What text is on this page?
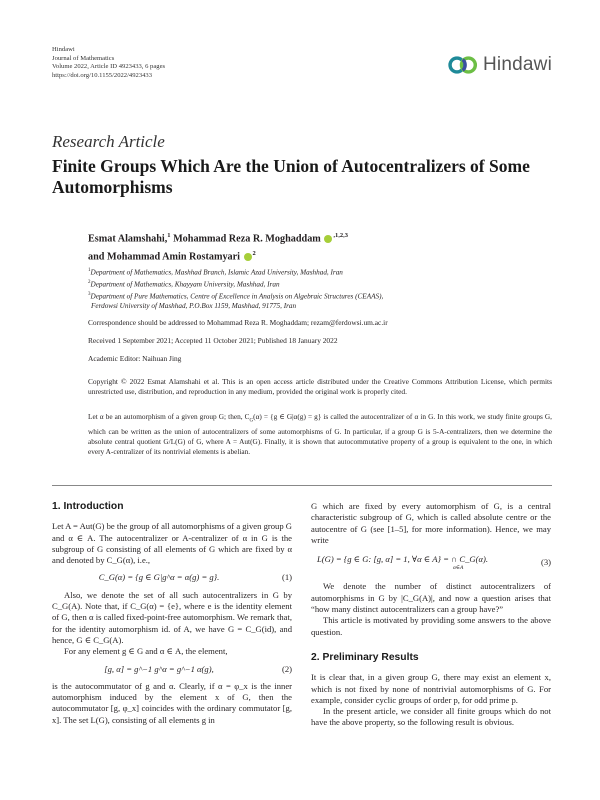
Hindawi
Journal of Mathematics
Volume 2022, Article ID 4923433, 6 pages
https://doi.org/10.1155/2022/4923433
Hindawi
Research Article
Finite Groups Which Are the Union of Autocentralizers of Some Automorphisms
Esmat Alamshahi,$^1$ Mohammad Reza R. Moghaddam $^{,1,2,3}$
and Mohammad Amin Rostamyari $^2$
$^1$Department of Mathematics, Mashhad Branch, Islamic Azad University, Mashhad, Iran
$^2$Department of Mathematics, Khayyam University, Mashhad, Iran
$^3$Department of Pure Mathematics, Centre of Excellence in Analysis on Algebraic Structures (CEAAS),
Ferdowsi University of Mashhad, P.O.Box 1159, Mashhad, 91775, Iran
Correspondence should be addressed to Mohammad Reza R. Moghaddam; rezam@ferdowsi.um.ac.ir
Received 1 September 2021; Accepted 11 October 2021; Published 18 January 2022
Academic Editor: Naihuan Jing
Copyright © 2022 Esmat Alamshahi et al. This is an open access article distributed under the Creative Commons Attribution License, which permits unrestricted use, distribution, and reproduction in any medium, provided the original work is properly cited.
Let α be an automorphism of a given group G; then, $C_G(\alpha) = \{g$ ∈ G|α(g) = g} is called the autocentralizer of α in G. In this work, we study finite groups G, which can be written as the union of autocentralizers of some automorphisms of G. In particular, if a group G is 5-A-centralizers, then we determine the absolute central quotient G/L(G) of G, where A = Aut(G). Finally, it is shown that autocommutative property of a group is equivalent to the one, in which every A-centralizer of its nontrivial elements is abelian.
1. Introduction

Let A = Aut(G) be the group of all automorphisms of a given group G and α ∈ A. The autocentralizer or A-centralizer of α in G is the subgroup of G consisting of all elements of G which are fixed by α and denoted by C_G(α), i.e.,

C_G(α) = {g ∈ G|g^α = α(g) = g}.	(1)

Also, we denote the set of all such autocentralizers in G by C_G(A). Note that, if C_G(α) = {e}, where e is the identity element of G, then α is called fixed-point-free automorphism. We remark that, for the identity automorphism id. of A, we have G = C_G(id), and hence, G ∈ C_G(A).

For any element g ∈ G and α ∈ A, the element,

[g, α] = g^−1 g^α = g^−1 α(g),	(2)

is the autocommutator of g and α. Clearly, if α = φ_x is the inner automorphism induced by the element x of G, then the autocommutator [g, φ_x] coincides with the ordinary commutator [g, x]. The set L(G), consisting of all elements g in

G which are fixed by every automorphism of G, is a central characteristic subgroup of G, which is called absolute centre or the autocentre of G (see [1–5], for more information). Hence, we may write

L(G) = {g ∈ G: [g, α] = 1, ∀α ∈ A} = ∩ C_G(α).
α∈A
(3)

We denote the number of distinct autocentralizers of automorphisms in G by |C_G(A)|, and now a question arises that “how many distinct autocentralizers can a group have?”

This article is motivated by providing some answers to the above question.

2. Preliminary Results

It is clear that, in a given group G, there may exist an element x, which is not fixed by none of nontrivial automorphisms of G. For example, consider cyclic groups of order p, for odd prime p.

In the present article, we consider all finite groups which do not have the above property, so the following result is obvious.
